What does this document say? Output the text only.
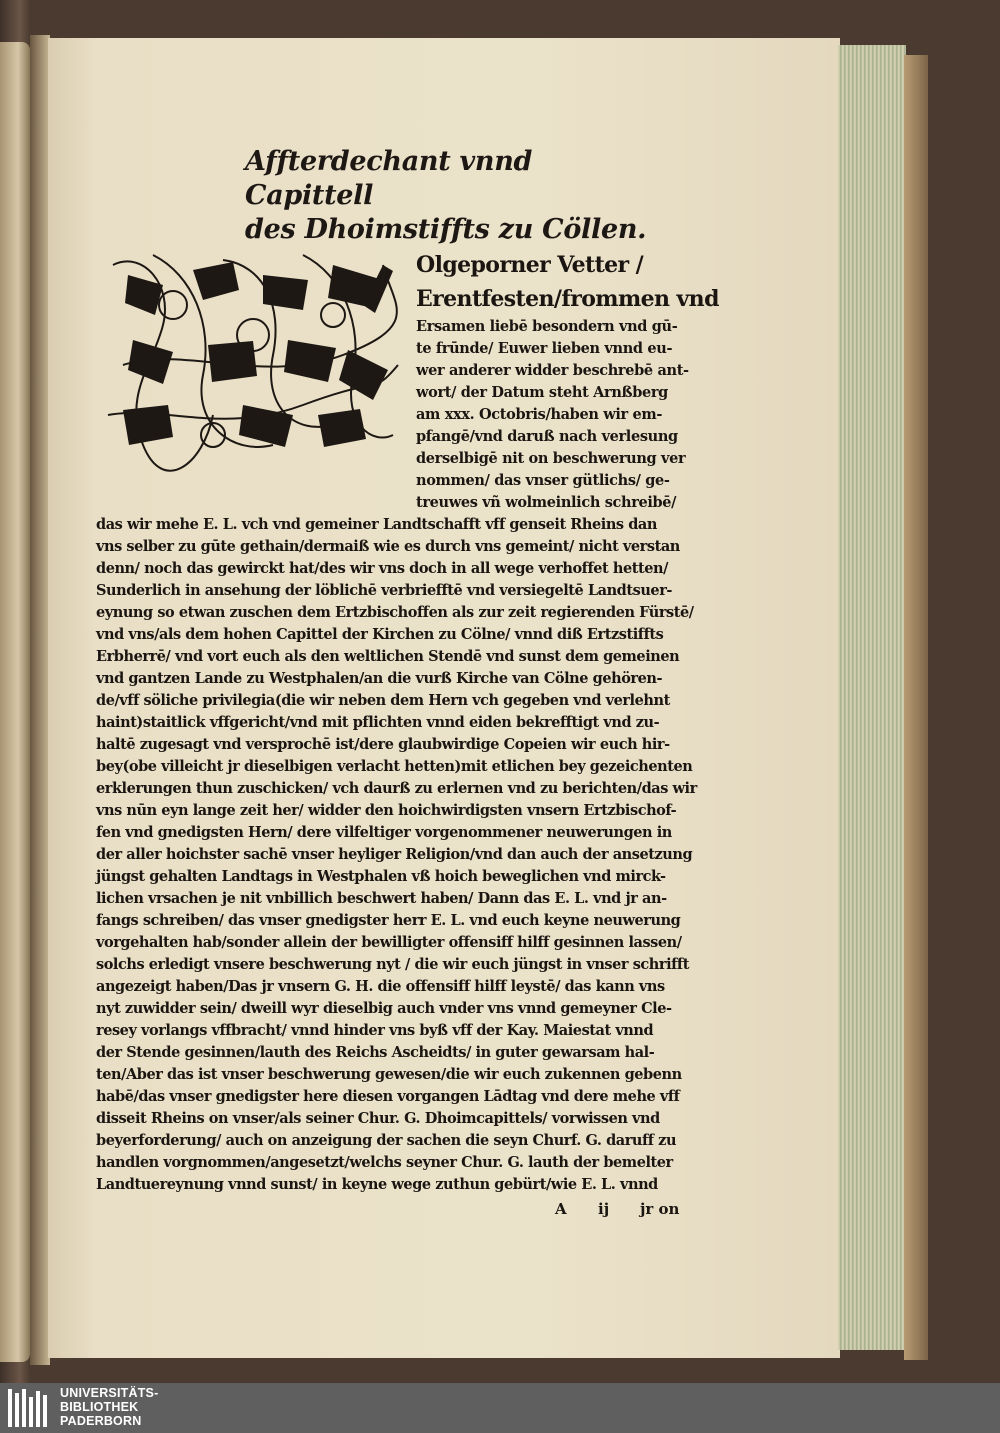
Affterdechant vnnd Capittell
des Dhoimstiffts zu Cöllen.
Olgeporner Vetter /
Erentfesten/frommen vnd
Ersamen liebē besondern vnd gū-
te frūnde/ Euwer lieben vnnd eu-
wer anderer widder beschrebē ant-
wort/ der Datum steht Arnßberg
am xxx. Octobris/haben wir em-
pfangē/vnd daruß nach verlesung
derselbigē nit on beschwerung ver
nommen/ das vnser gütlichs/ ge-
treuwes vñ wolmeinlich schreibē/
das wir mehe E. L. vch vnd gemeiner Landtschafft vff genseit Rheins dan
vns selber zu gūte gethain/dermaiß wie es durch vns gemeint/ nicht verstan
denn/ noch das gewirckt hat/des wir vns doch in all wege verhoffet hetten/
Sunderlich in ansehung der löblichē verbriefftē vnd versiegeltē Landtsuer-
eynung so etwan zuschen dem Ertzbischoffen als zur zeit regierenden Fürstē/
vnd vns/als dem hohen Capittel der Kirchen zu Cölne/ vnnd diß Ertzstiffts
Erbherrē/ vnd vort euch als den weltlichen Stendē vnd sunst dem gemeinen
vnd gantzen Lande zu Westphalen/an die vurß Kirche van Cölne gehören-
de/vff söliche privilegia(die wir neben dem Hern vch gegeben vnd verlehnt
haint)staitlick vffgericht/vnd mit pflichten vnnd eiden bekrefftigt vnd zu-
haltē zugesagt vnd versprochē ist/dere glaubwirdige Copeien wir euch hir-
bey(obe villeicht jr dieselbigen verlacht hetten)mit etlichen bey gezeichenten
erklerungen thun zuschicken/ vch daurß zu erlernen vnd zu berichten/das wir
vns nūn eyn lange zeit her/ widder den hoichwirdigsten vnsern Ertzbischof-
fen vnd gnedigsten Hern/ dere vilfeltiger vorgenommener neuwerungen in
der aller hoichster sachē vnser heyliger Religion/vnd dan auch der ansetzung
jüngst gehalten Landtags in Westphalen vß hoich beweglichen vnd mirck-
lichen vrsachen je nit vnbillich beschwert haben/ Dann das E. L. vnd jr an-
fangs schreiben/ das vnser gnedigster herr E. L. vnd euch keyne neuwerung
vorgehalten hab/sonder allein der bewilligter offensiff hilff gesinnen lassen/
solchs erledigt vnsere beschwerung nyt / die wir euch jüngst in vnser schrifft
angezeigt haben/Das jr vnsern G. H. die offensiff hilff leystē/ das kann vns
nyt zuwidder sein/ dweill wyr dieselbig auch vnder vns vnnd gemeyner Cle-
resey vorlangs vffbracht/ vnnd hinder vns byß vff der Kay. Maiestat vnnd
der Stende gesinnen/lauth des Reichs Ascheidts/ in guter gewarsam hal-
ten/Aber das ist vnser beschwerung gewesen/die wir euch zukennen gebenn
habē/das vnser gnedigster here diesen vorgangen Lādtag vnd dere mehe vff
disseit Rheins on vnser/als seiner Chur. G. Dhoimcapittels/ vorwissen vnd
beyerforderung/ auch on anzeigung der sachen die seyn Churf. G. daruff zu
handlen vorgnommen/angesetzt/welchs seyner Chur. G. lauth der bemelter
Landtuereynung vnnd sunst/ in keyne wege zuthun gebürt/wie E. L. vnnd
A ij jr on
UNIVERSITÄTS-
BIBLIOTHEK
PADERBORN
